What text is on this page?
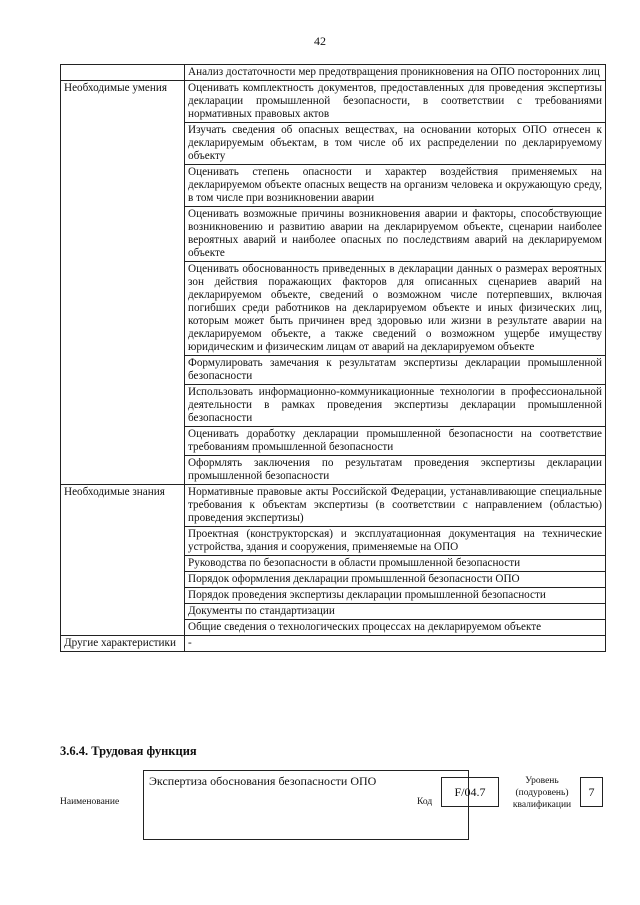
42
	Анализ достаточности мер предотвращения проникновения на ОПО посторонних лиц
Необходимые умения	Оценивать комплектность документов, предоставленных для проведения экспертизы декларации промышленной безопасности, в соответствии с требованиями нормативных правовых актов
	Изучать сведения об опасных веществах, на основании которых ОПО отнесен к декларируемым объектам, в том числе об их распределении по декларируемому объекту
	Оценивать степень опасности и характер воздействия применяемых на декларируемом объекте опасных веществ на организм человека и окружающую среду, в том числе при возникновении аварии
	Оценивать возможные причины возникновения аварии и факторы, способствующие возникновению и развитию аварии на декларируемом объекте, сценарии наиболее вероятных аварий и наиболее опасных по последствиям аварий на декларируемом объекте
	Оценивать обоснованность приведенных в декларации данных о размерах вероятных зон действия поражающих факторов для описанных сценариев аварий на декларируемом объекте, сведений о возможном числе потерпевших, включая погибших среди работников на декларируемом объекте и иных физических лиц, которым может быть причинен вред здоровью или жизни в результате аварии на декларируемом объекте, а также сведений о возможном ущербе имуществу юридическим и физическим лицам от аварий на декларируемом объекте
	Формулировать замечания к результатам экспертизы декларации промышленной безопасности
	Использовать информационно-коммуникационные технологии в профессиональной деятельности в рамках проведения экспертизы декларации промышленной безопасности
	Оценивать доработку декларации промышленной безопасности на соответствие требованиям промышленной безопасности
	Оформлять заключения по результатам проведения экспертизы декларации промышленной безопасности
Необходимые знания	Нормативные правовые акты Российской Федерации, устанавливающие специальные требования к объектам экспертизы (в соответствии с направлением (областью) проведения экспертизы)
	Проектная (конструкторская) и эксплуатационная документация на технические устройства, здания и сооружения, применяемые на ОПО
	Руководства по безопасности в области промышленной безопасности
	Порядок оформления декларации промышленной безопасности ОПО
	Порядок проведения экспертизы декларации промышленной безопасности
	Документы по стандартизации
	Общие сведения о технологических процессах на декларируемом объекте
Другие характеристики	-
3.6.4. Трудовая функция
Наименование
Экспертиза обоснования безопасности ОПО
Код
F/04.7
Уровень
(подуровень)
квалификации
7
